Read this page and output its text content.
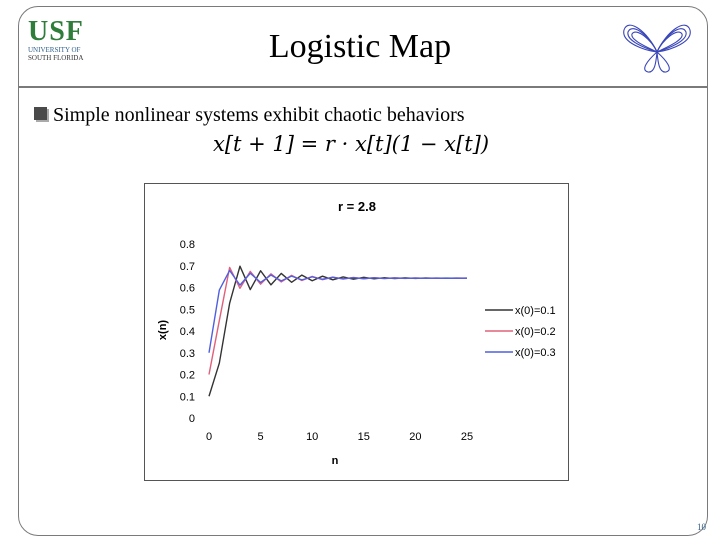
USF
UNIVERSITY OF
SOUTH FLORIDA	Logistic Map
Simple nonlinear systems exhibit chaotic behaviors
x[t + 1] = r · x[t](1 − x[t])
r = 2.8
n
x(n)
0
0.1
0.2
0.3
0.4
0.5
0.6
0.7
0.8
0	5	10	15	20	25
x(0)=0.1
x(0)=0.2
x(0)=0.3
10
